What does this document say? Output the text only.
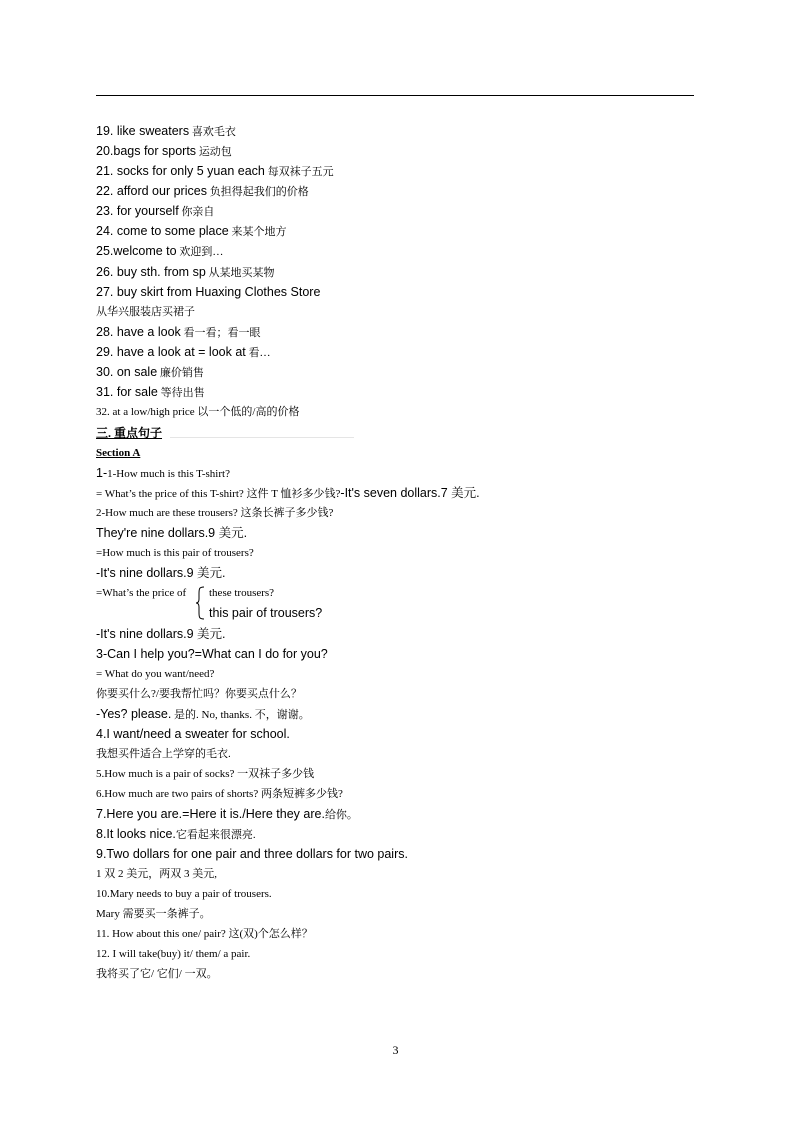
19. like sweaters 喜欢毛衣
20.bags for sports 运动包
21. socks for only 5 yuan each 每双袜子五元
22. afford our prices 负担得起我们的价格
23. for yourself 你亲自
24. come to some place 来某个地方
25.welcome to 欢迎到…
26. buy sth. from sp 从某地买某物
27. buy skirt from Huaxing Clothes Store
从华兴服装店买裙子
28. have a look 看一看；看一眼
29. have a look at = look at 看…
30. on sale 廉价销售
31. for sale 等待出售
32. at a low/high price 以一个低的/高的价格
三. 重点句子
Section A
1-1-How much is this T-shirt?
= What’s the price of this T-shirt? 这件 T 恤衫多少钱?-It's seven dollars.7 美元.
2-How much are these trousers? 这条长裤子多少钱?
They're nine dollars.9 美元.
=How much is this pair of trousers?
-It's nine dollars.9 美元.
=What’s the price of these trousers?
this pair of trousers?
-It's nine dollars.9 美元.
3-Can I help you?=What can I do for you?
= What do you want/need?
你要买什么?/要我帮忙吗？你要买点什么？
-Yes? please. 是的. No, thanks. 不，谢谢。
4.I want/need a sweater for school.
我想买件适合上学穿的毛衣.
5.How much is a pair of socks? 一双袜子多少钱
6.How much are two pairs of shorts? 两条短裤多少钱?
7.Here you are.=Here it is./Here they are.给你。
8.It looks nice.它看起来很漂亮.
9.Two dollars for one pair and three dollars for two pairs.
1 双 2 美元，两双 3 美元,
10.Mary needs to buy a pair of trousers.
Mary 需要买一条裤子。
11. How about this one/ pair? 这(双)个怎么样？
12. I will take(buy) it/ them/ a pair.
我将买了它/ 它们/ 一双。
3
